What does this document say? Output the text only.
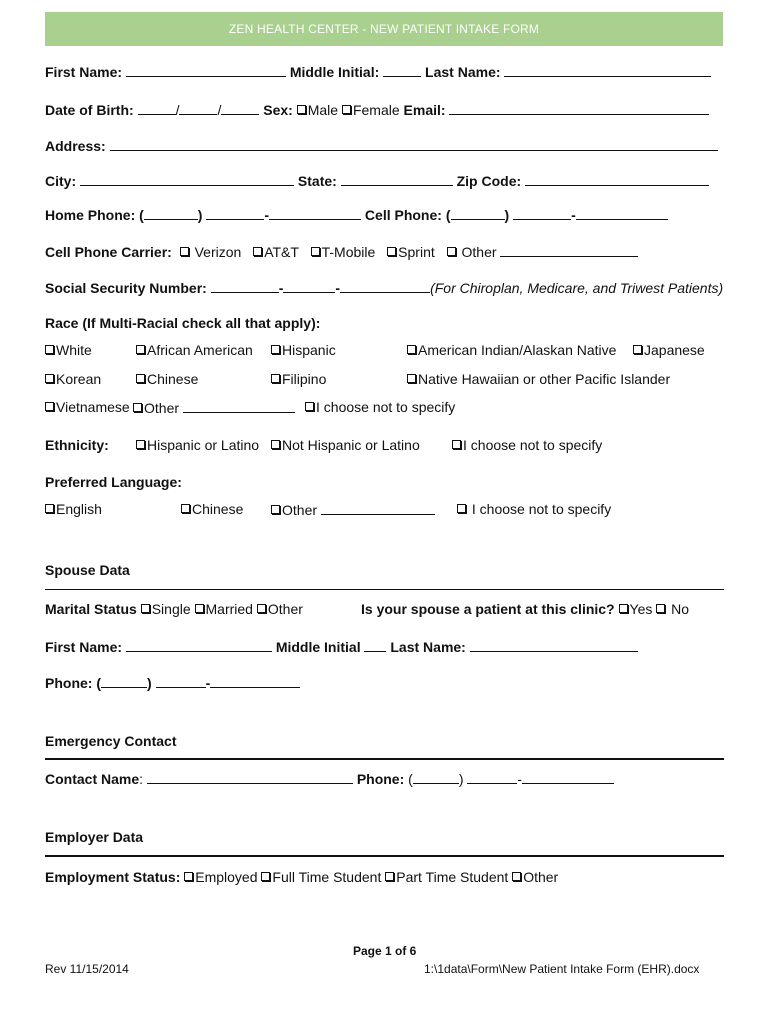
ZEN HEALTH CENTER - NEW PATIENT INTAKE FORM
First Name:	Middle Initial:	Last Name:
Date of Birth:	/	/	Sex: Male Female Email:
Address:
City:	State:	Zip Code:
Home Phone: (	)	-	Cell Phone: (	)	-
Cell Phone Carrier: Verizon AT&T T-Mobile Sprint Other
Social Security Number:	-	-	(For Chiroplan, Medicare, and Triwest Patients)
Race (If Multi-Racial check all that apply):
White	African American	Hispanic	American Indian/Alaskan Native	Japanese
Korean	Chinese	Filipino	Native Hawaiian or other Pacific Islander
Vietnamese	Other	I choose not to specify
Ethnicity:	Hispanic or Latino	Not Hispanic or Latino	I choose not to specify
Preferred Language:
English	Chinese	Other	I choose not to specify
Spouse Data
Marital Status Single Married Other	Is your spouse a patient at this clinic? Yes No
First Name:	Middle Initial Last Name:
Phone: (	)	-
Emergency Contact
Contact Name:	Phone: (	)	-
Employer Data
Employment Status: Employed Full Time Student Part Time Student Other
Page 1 of 6
Rev 11/15/2014	1:\1data\Form\New Patient Intake Form (EHR).docx
